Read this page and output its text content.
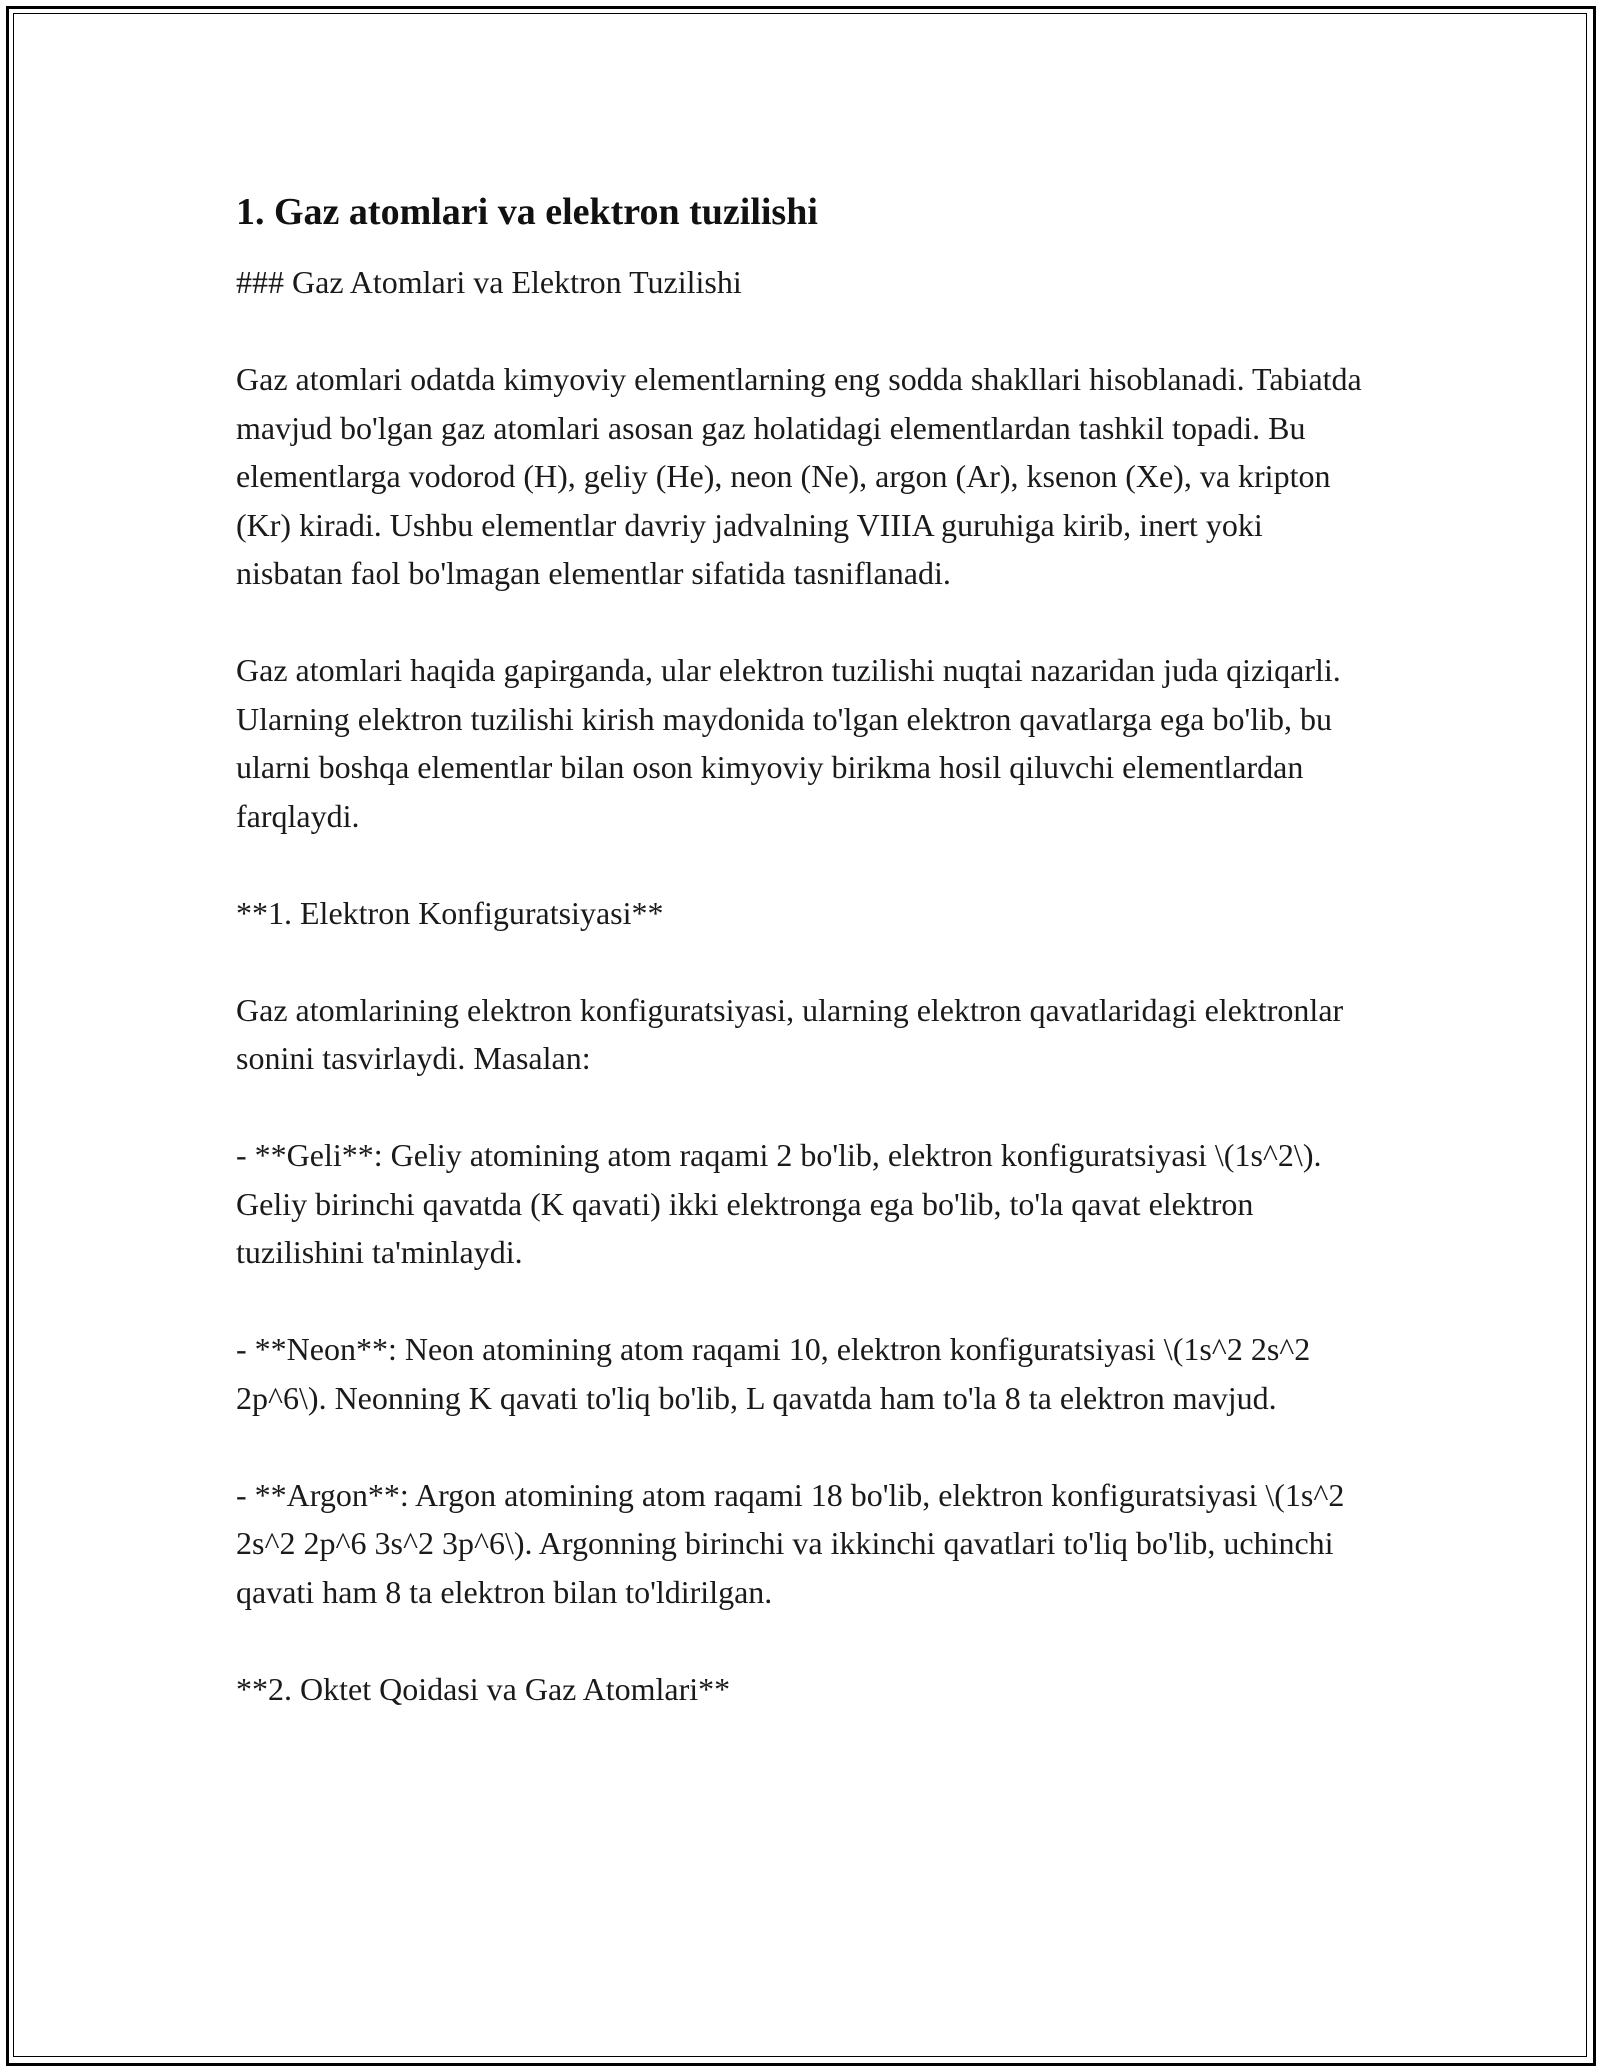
1. Gaz atomlari va elektron tuzilishi

### Gaz Atomlari va Elektron Tuzilishi

Gaz atomlari odatda kimyoviy elementlarning eng sodda shakllari hisoblanadi. Tabiatda mavjud bo'lgan gaz atomlari asosan gaz holatidagi elementlardan tashkil topadi. Bu elementlarga vodorod (H), geliy (He), neon (Ne), argon (Ar), ksenon (Xe), va kripton (Kr) kiradi. Ushbu elementlar davriy jadvalning VIIIA guruhiga kirib, inert yoki nisbatan faol bo'lmagan elementlar sifatida tasniflanadi.

Gaz atomlari haqida gapirganda, ular elektron tuzilishi nuqtai nazaridan juda qiziqarli. Ularning elektron tuzilishi kirish maydonida to'lgan elektron qavatlarga ega bo'lib, bu ularni boshqa elementlar bilan oson kimyoviy birikma hosil qiluvchi elementlardan farqlaydi.

**1. Elektron Konfiguratsiyasi**

Gaz atomlarining elektron konfiguratsiyasi, ularning elektron qavatlaridagi elektronlar sonini tasvirlaydi. Masalan:

- **Geli**: Geliy atomining atom raqami 2 bo'lib, elektron konfiguratsiyasi \(1s^2\). Geliy birinchi qavatda (K qavati) ikki elektronga ega bo'lib, to'la qavat elektron tuzilishini ta'minlaydi.

- **Neon**: Neon atomining atom raqami 10, elektron konfiguratsiyasi \(1s^2 2s^2 2p^6\). Neonning K qavati to'liq bo'lib, L qavatda ham to'la 8 ta elektron mavjud.

- **Argon**: Argon atomining atom raqami 18 bo'lib, elektron konfiguratsiyasi \(1s^2 2s^2 2p^6 3s^2 3p^6\). Argonning birinchi va ikkinchi qavatlari to'liq bo'lib, uchinchi qavati ham 8 ta elektron bilan to'ldirilgan.

**2. Oktet Qoidasi va Gaz Atomlari**
